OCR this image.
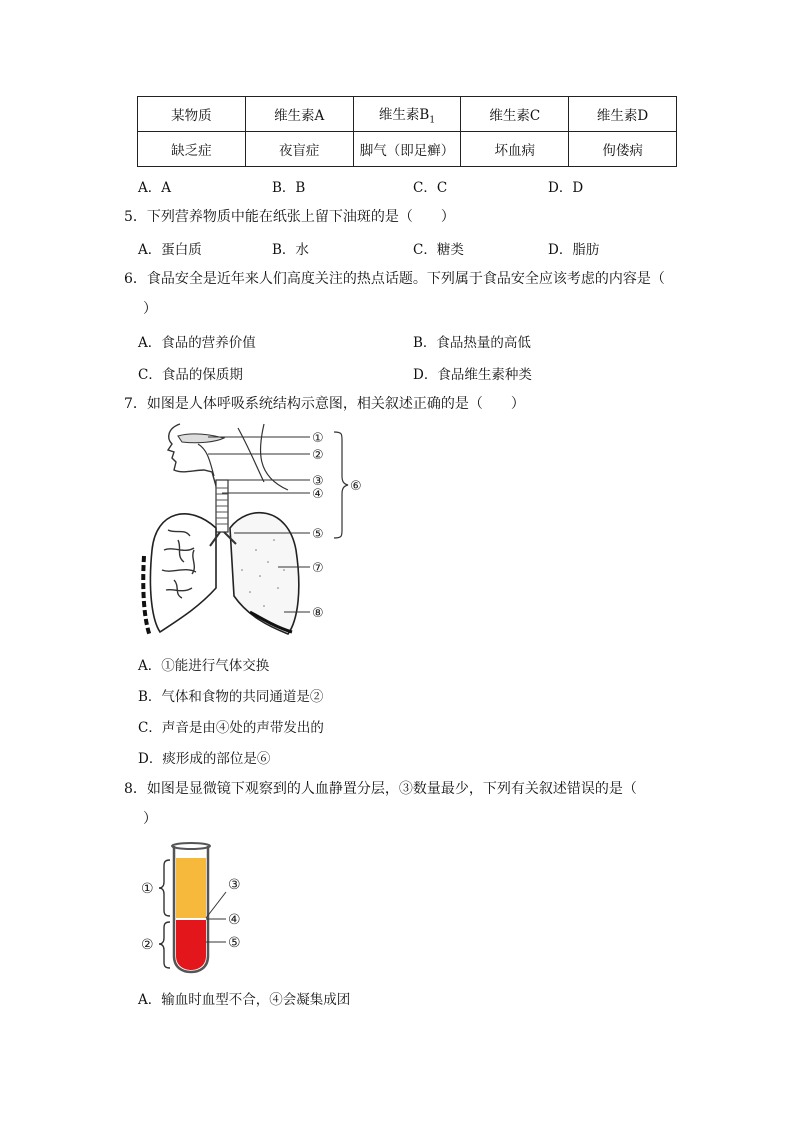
某物质	维生素A	维生素$B_1$	维生素C	维生素D
缺乏症	夜盲症	脚气（即足癣）	坏血病	佝偻病
A．A	B．B	C．C	D．D
5．下列营养物质中能在纸张上留下油斑的是（　　）
A．蛋白质	B．水	C．糖类	D．脂肪
6．食品安全是近年来人们高度关注的热点话题。下列属于食品安全应该考虑的内容是（
）
A．食品的营养价值	B．食品热量的高低
C．食品的保质期	D．食品维生素种类
7．如图是人体呼吸系统结构示意图，相关叙述正确的是（　　）
①
②
③
④
⑤
⑥
⑦
⑧
A．①能进行气体交换
B．气体和食物的共同通道是②
C．声音是由④处的声带发出的
D．痰形成的部位是⑥
8．如图是显微镜下观察到的人血静置分层，③数量最少，下列有关叙述错误的是（
）
①
②
③
④
⑤
A．输血时血型不合，④会凝集成团
